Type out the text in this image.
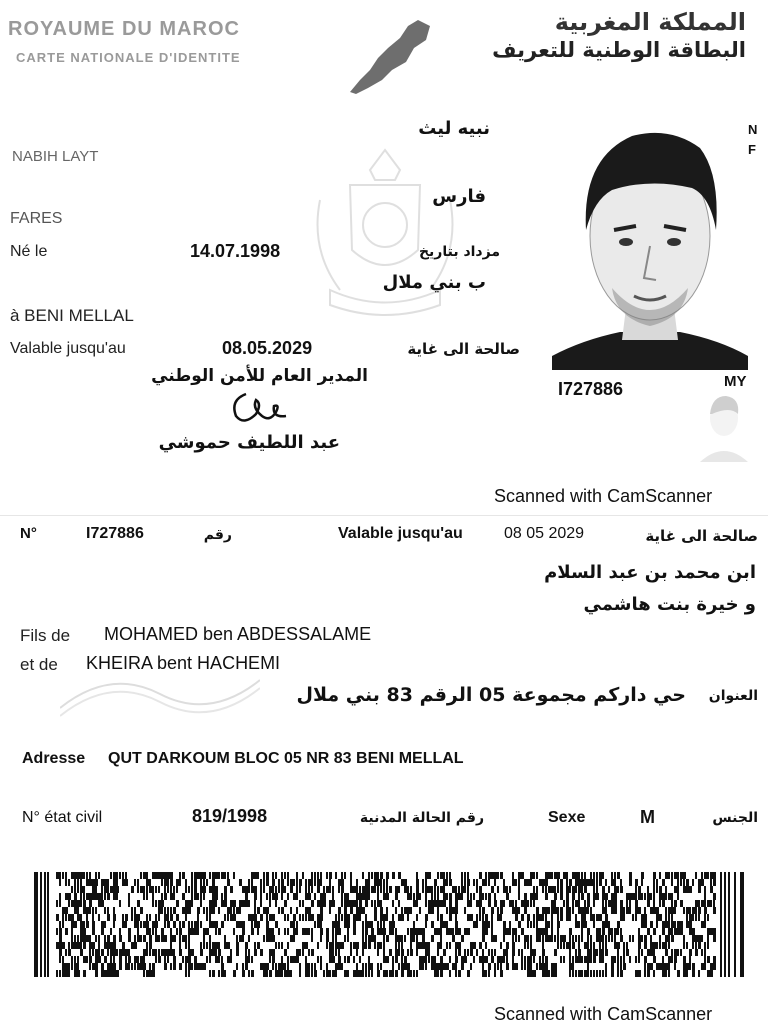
ROYAUME DU MAROC
CARTE NATIONALE D'IDENTITE
المملكة المغربية
البطاقة الوطنية للتعريف
نبيه ليث
NABIH LAYT
فارس
FARES
Né le	14.07.1998	مزداد بتاريخ
ب بني ملال
à BENI MELLAL
Valable jusqu'au	08.05.2029	صالحة الى غاية
المدير العام للأمن الوطني
عبد اللطيف حموشي
N
F
I727886	MY
Scanned with CamScanner
N°	I727886	رقم	Valable jusqu'au	08 05 2029	صالحة الى غاية
ابن محمد بن عبد السلام
و خيرة بنت هاشمي
Fils de MOHAMED ben ABDESSALAME
et de KHEIRA bent HACHEMI
العنوان
حي داركم مجموعة 05 الرقم 83 بني ملال
Adresse QUT DARKOUM BLOC 05 NR 83 BENI MELLAL
N° état civil	819/1998	رقم الحالة المدنية	Sexe	M	الجنس
Scanned with CamScanner
